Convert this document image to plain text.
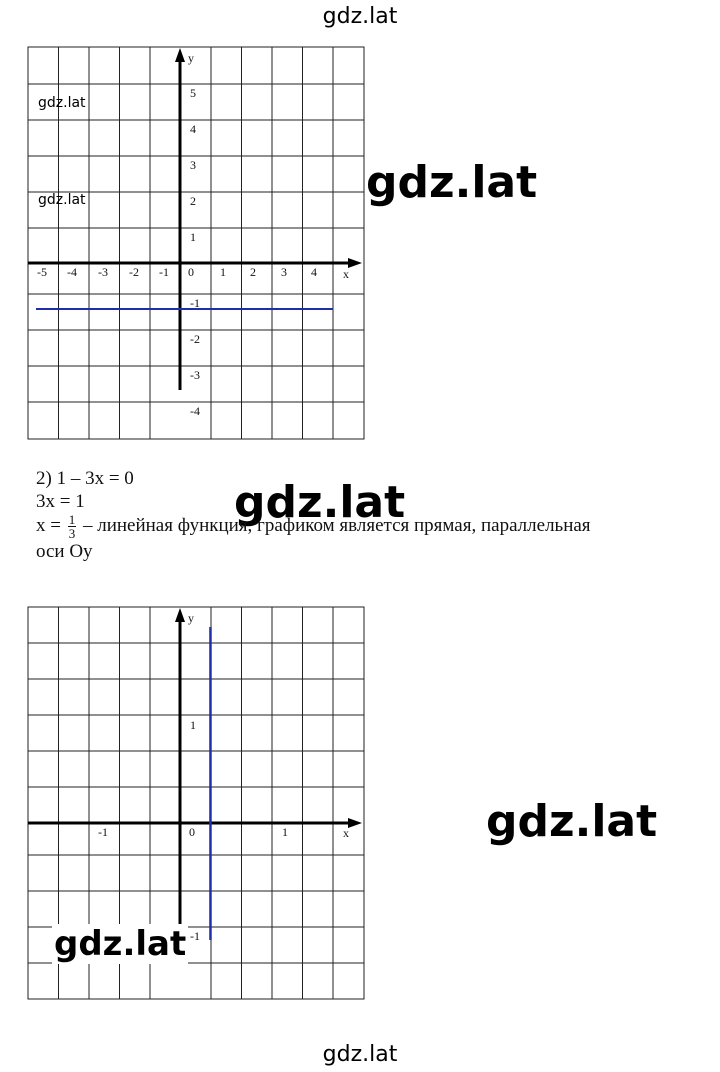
x
y
-5 -4 -3 -2 -1 0 1 2 3 4
5
4
3
2
1
-1
-2
-3
-4
x
y
-1	0	1
1
-1
gdz.lat
gdz.lat
gdz.lat	gdz.lat
gdz.lat
gdz.lat
gdz.lat
gdz.lat
2) 1 – 3x = 0
3x = 1
$x = \frac{1}{3}$ – линейная функция, графиком является прямая, параллельная
оси Oy
